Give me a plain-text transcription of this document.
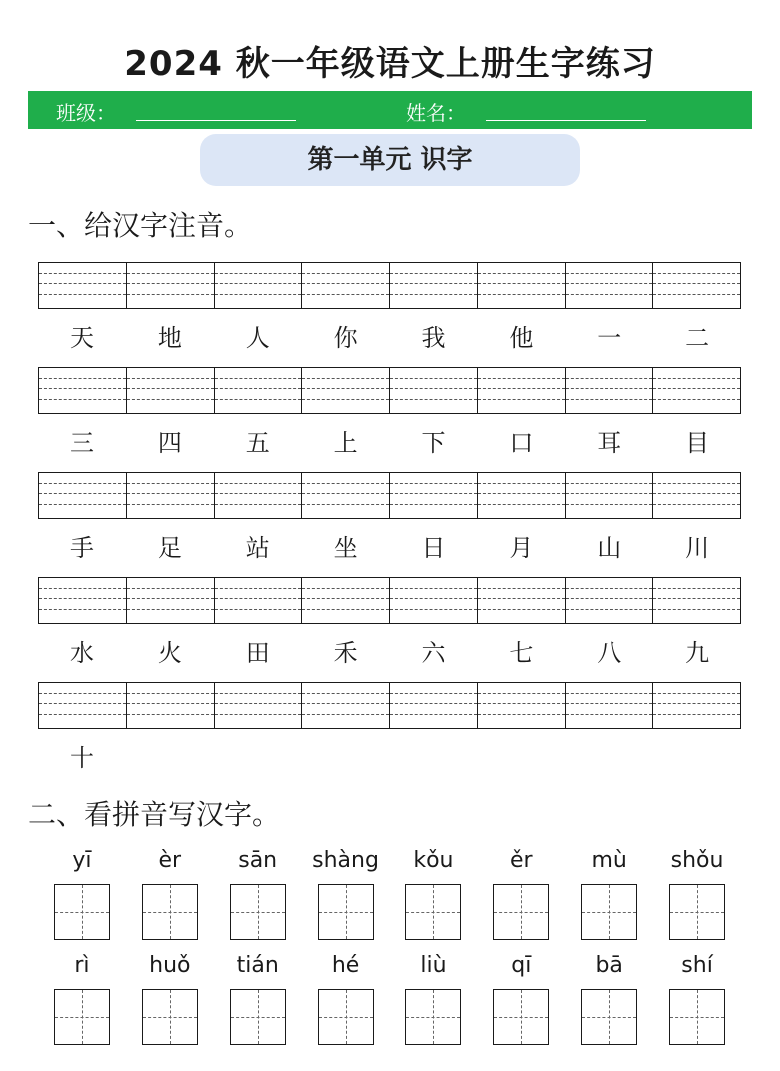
2024 秋一年级语文上册生字练习
班级：	姓名：
第一单元 识字
一、给汉字注音。
天	地	人	你	我	他	一	二
三	四	五	上	下	口	耳	目
手	足	站	坐	日	月	山	川
水	火	田	禾	六	七	八	九
十
二、看拼音写汉字。
yī	èr	sān	shàng	kǒu	ěr	mù	shǒu
rì	huǒ	tián	hé	liù	qī	bā	shí
